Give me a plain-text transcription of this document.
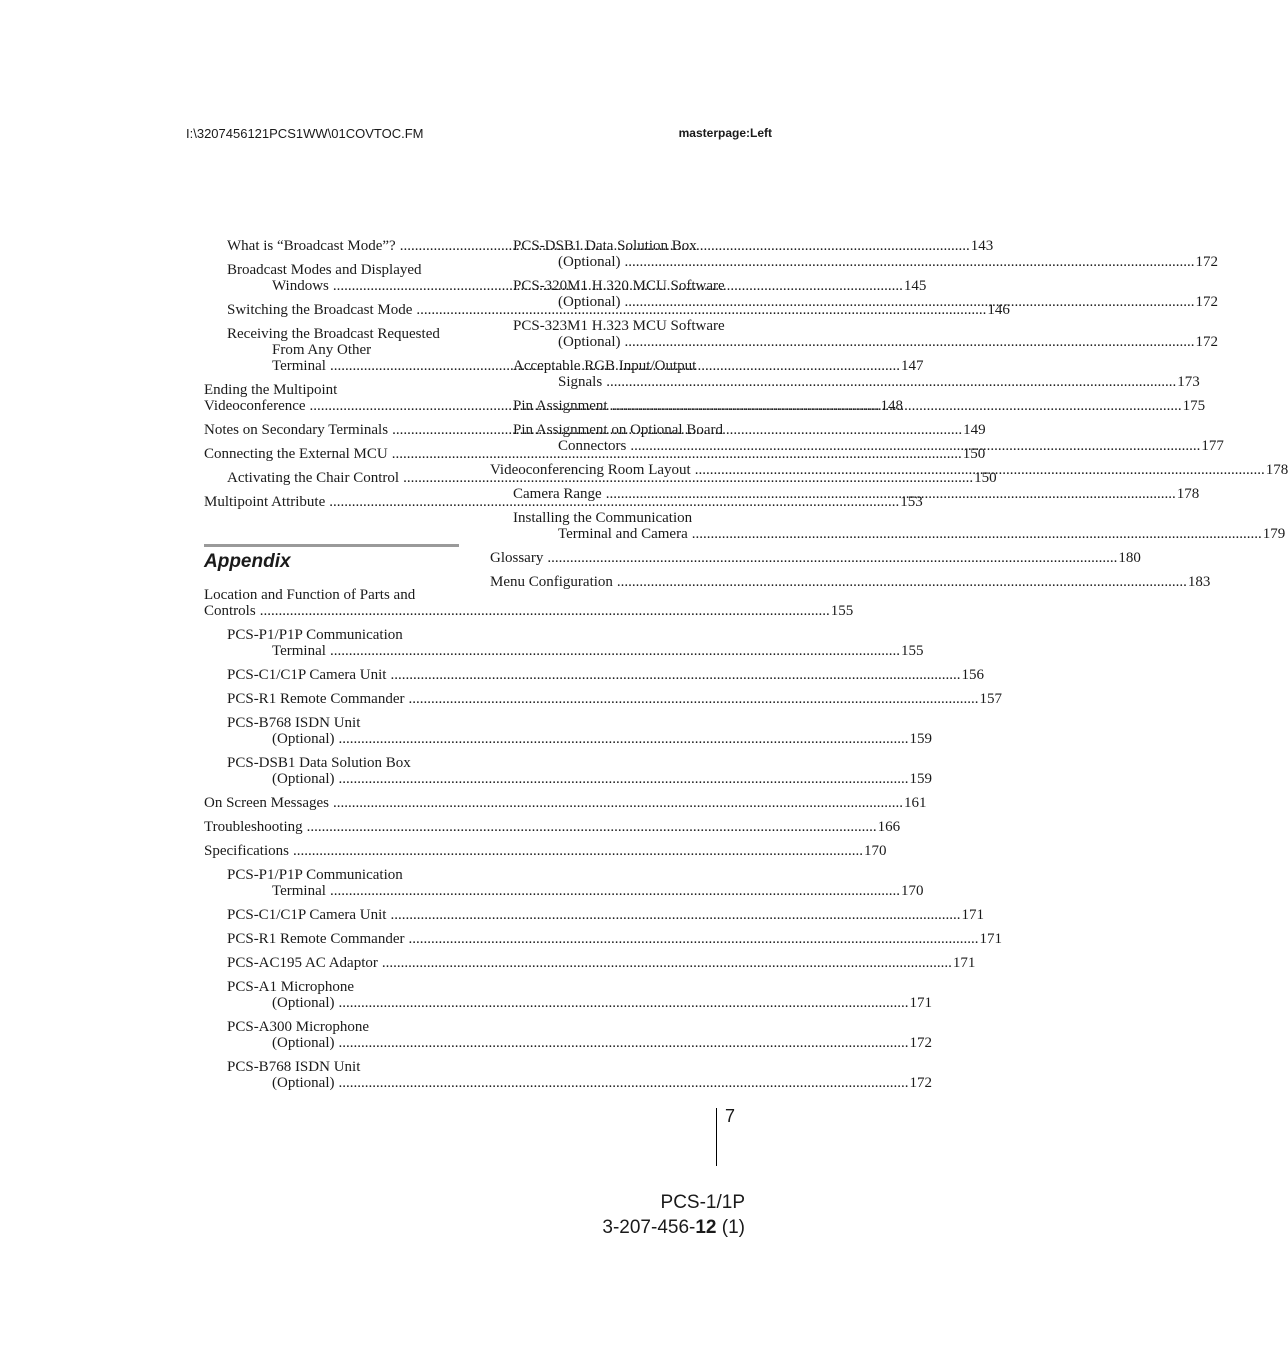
I:\3207456121PCS1WW\01COVTOC.FM	masterpage:Left
What is “Broadcast Mode”? .....	143
Broadcast Modes and Displayed
Windows .....	145
Switching the Broadcast Mode .....	146
Receiving the Broadcast Requested
From Any Other
Terminal .....	147
Ending the Multipoint
Videoconference .....	148
Notes on Secondary Terminals .....	149
Connecting the External MCU .....	150
Activating the Chair Control .....	150
Multipoint Attribute .....	153
Appendix
Location and Function of Parts and
Controls .....	155
PCS-P1/P1P Communication
Terminal .....	155
PCS-C1/C1P Camera Unit .....	156
PCS-R1 Remote Commander .....	157
PCS-B768 ISDN Unit
(Optional) .....	159
PCS-DSB1 Data Solution Box
(Optional) .....	159
On Screen Messages .....	161
Troubleshooting .....	166
Specifications .....	170
PCS-P1/P1P Communication
Terminal .....	170
PCS-C1/C1P Camera Unit .....	171
PCS-R1 Remote Commander .....	171
PCS-AC195 AC Adaptor .....	171
PCS-A1 Microphone
(Optional) .....	171
PCS-A300 Microphone
(Optional) .....	172
PCS-B768 ISDN Unit
(Optional) .....	172
PCS-DSB1 Data Solution Box
(Optional) .....	172
PCS-320M1 H.320 MCU Software
(Optional) .....	172
PCS-323M1 H.323 MCU Software
(Optional) .....	172
Acceptable RGB Input/Output
Signals .....	173
Pin Assignment .....	175
Pin Assignment on Optional Board
Connectors .....	177
Videoconferencing Room Layout .....	178
Camera Range .....	178
Installing the Communication
Terminal and Camera .....	179
Glossary .....	180
Menu Configuration .....	183
7
PCS-1/1P
3-207-456-12 (1)
